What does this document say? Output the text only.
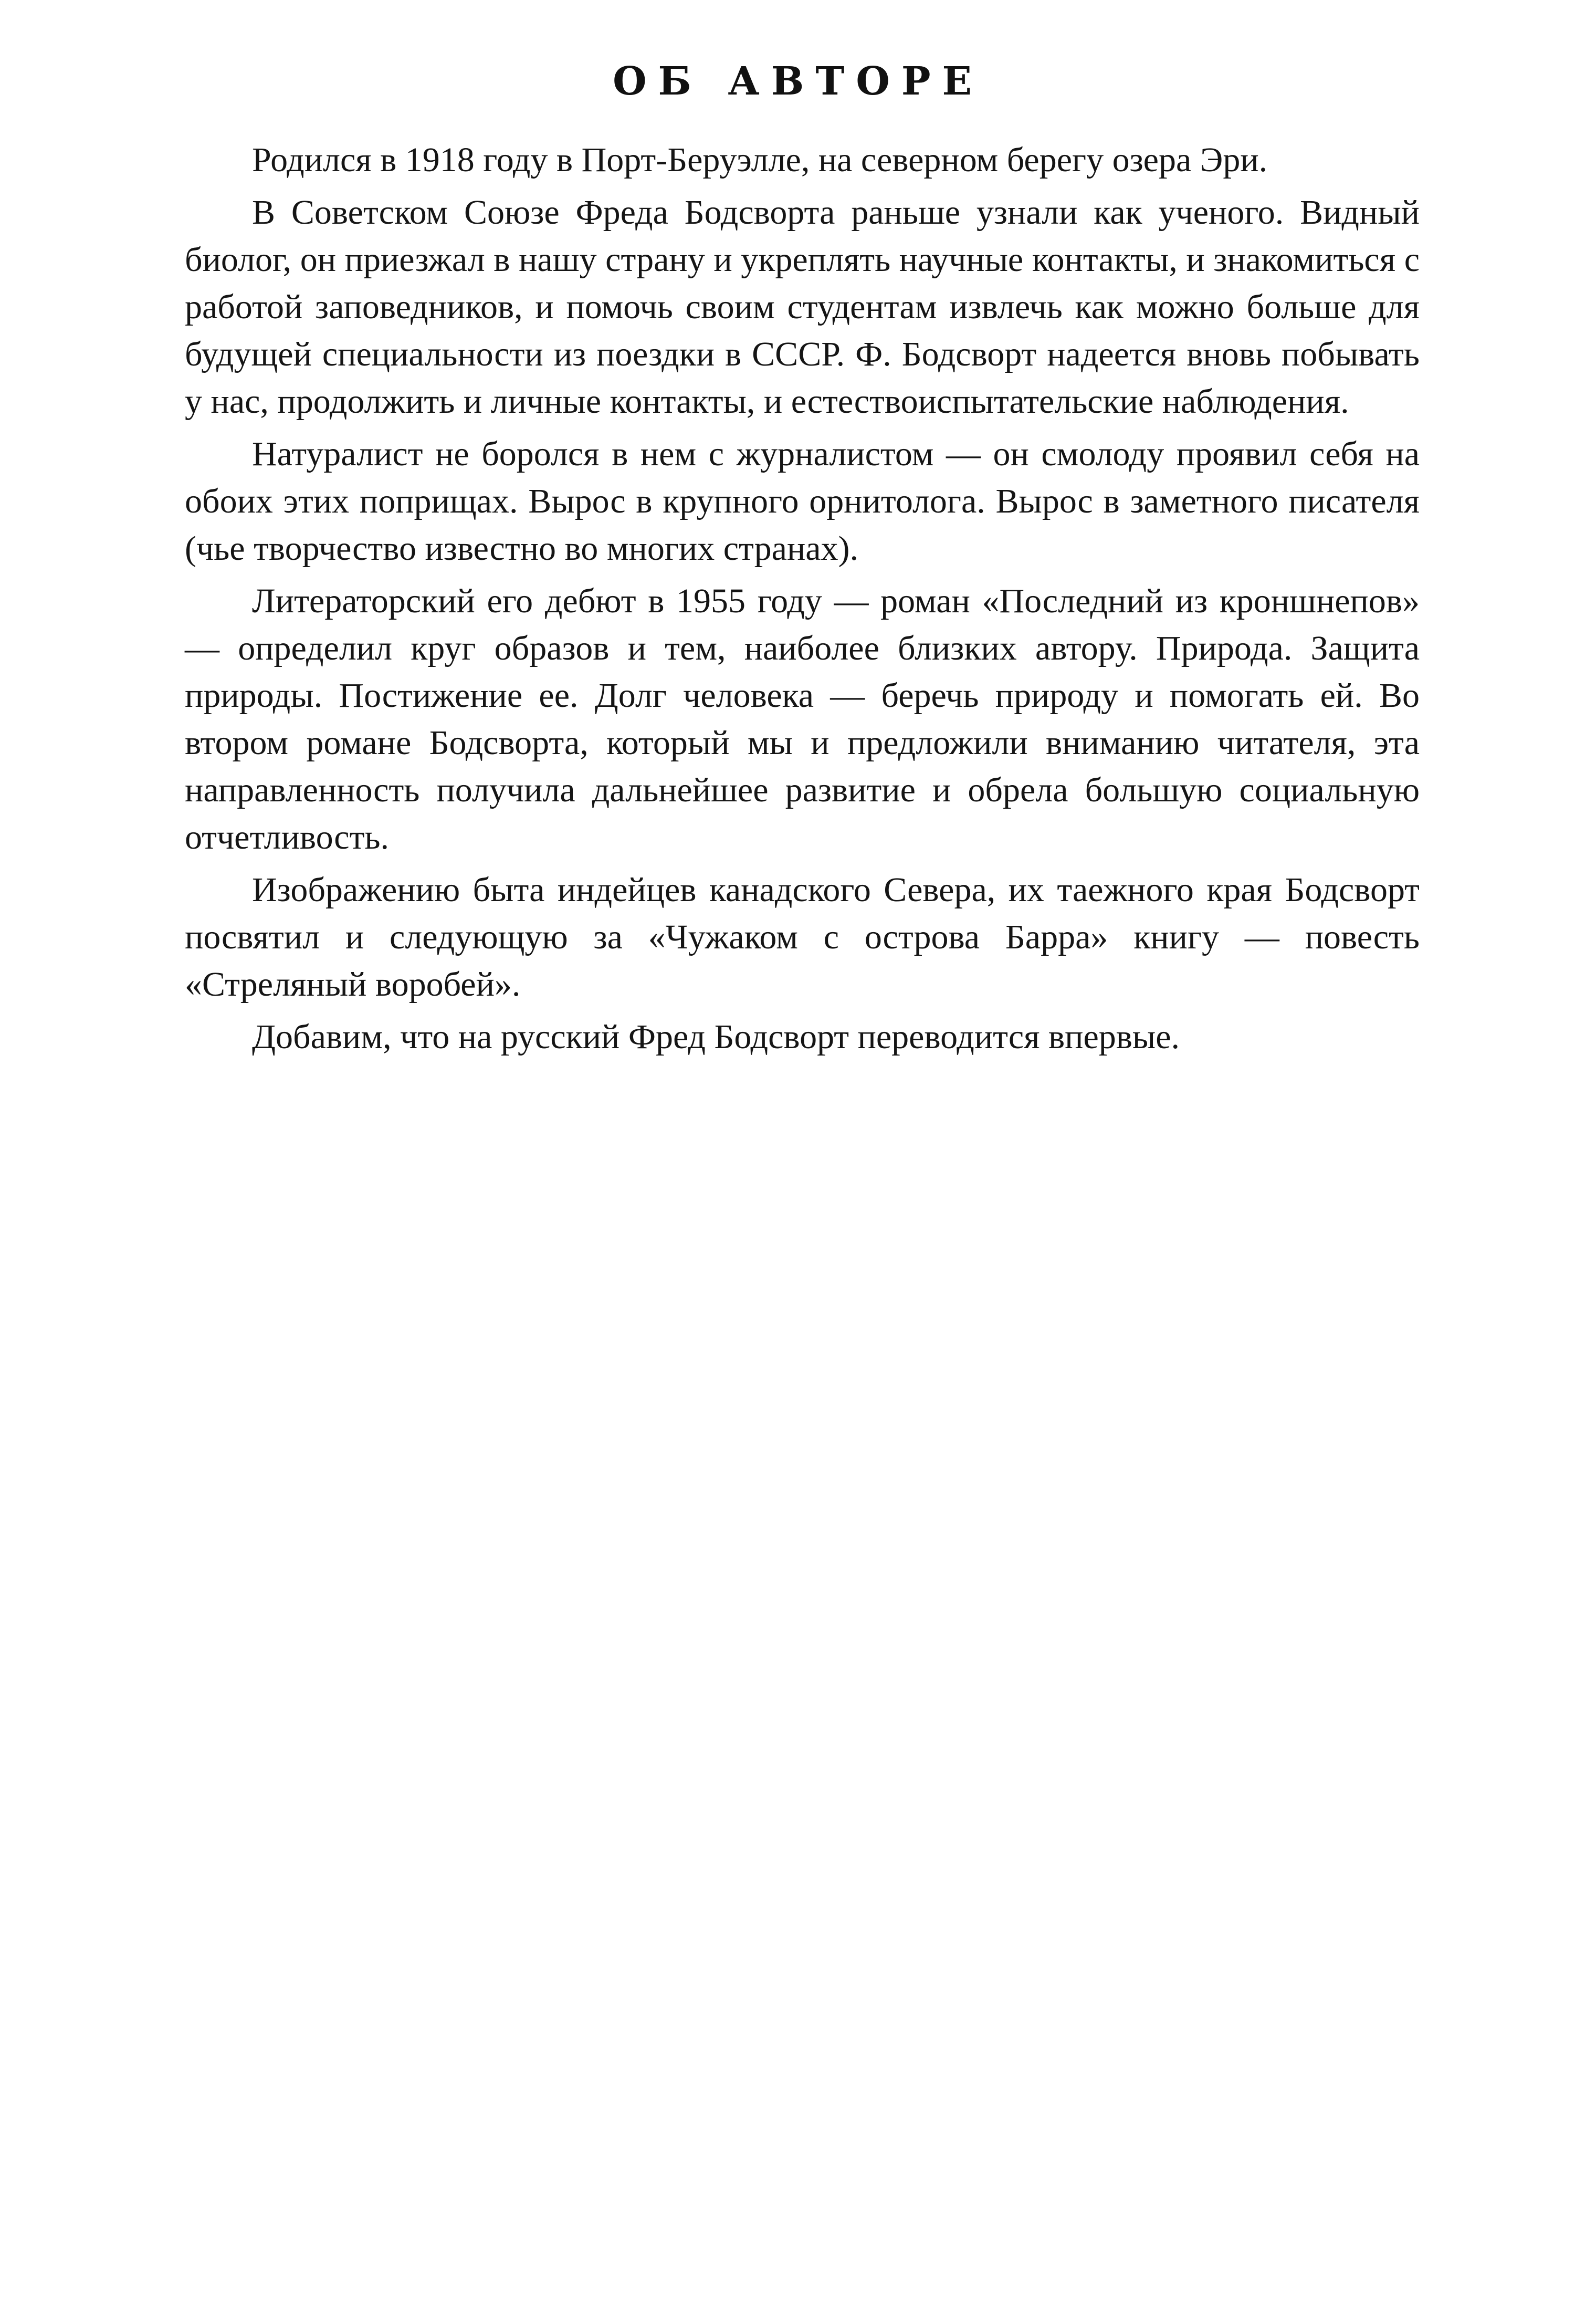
ОБ АВТОРЕ

Родился в 1918 году в Порт-Беруэлле, на северном берегу озера Эри.

В Советском Союзе Фреда Бодсворта раньше узнали как ученого. Видный биолог, он приезжал в нашу страну и укреплять научные контакты, и знакомиться с работой заповедников, и помочь своим студентам извлечь как можно больше для будущей специальности из поездки в СССР. Ф. Бодсворт надеется вновь побывать у нас, продолжить и личные контакты, и естествоиспытательские наблюдения.

Натуралист не боролся в нем с журналистом — он смолоду проявил себя на обоих этих поприщах. Вырос в крупного орнитолога. Вырос в заметного писателя (чье творчество известно во многих странах).

Литераторский его дебют в 1955 году — роман «Последний из кроншнепов» — определил круг образов и тем, наиболее близких автору. Природа. Защита природы. Постижение ее. Долг человека — беречь природу и помогать ей. Во втором романе Бодсворта, который мы и предложили вниманию читателя, эта направленность получила дальнейшее развитие и обрела большую социальную отчетливость.

Изображению быта индейцев канадского Севера, их таежного края Бодсворт посвятил и следующую за «Чужаком с острова Барра» книгу — повесть «Стреляный воробей».

Добавим, что на русский Фред Бодсворт переводится впервые.
